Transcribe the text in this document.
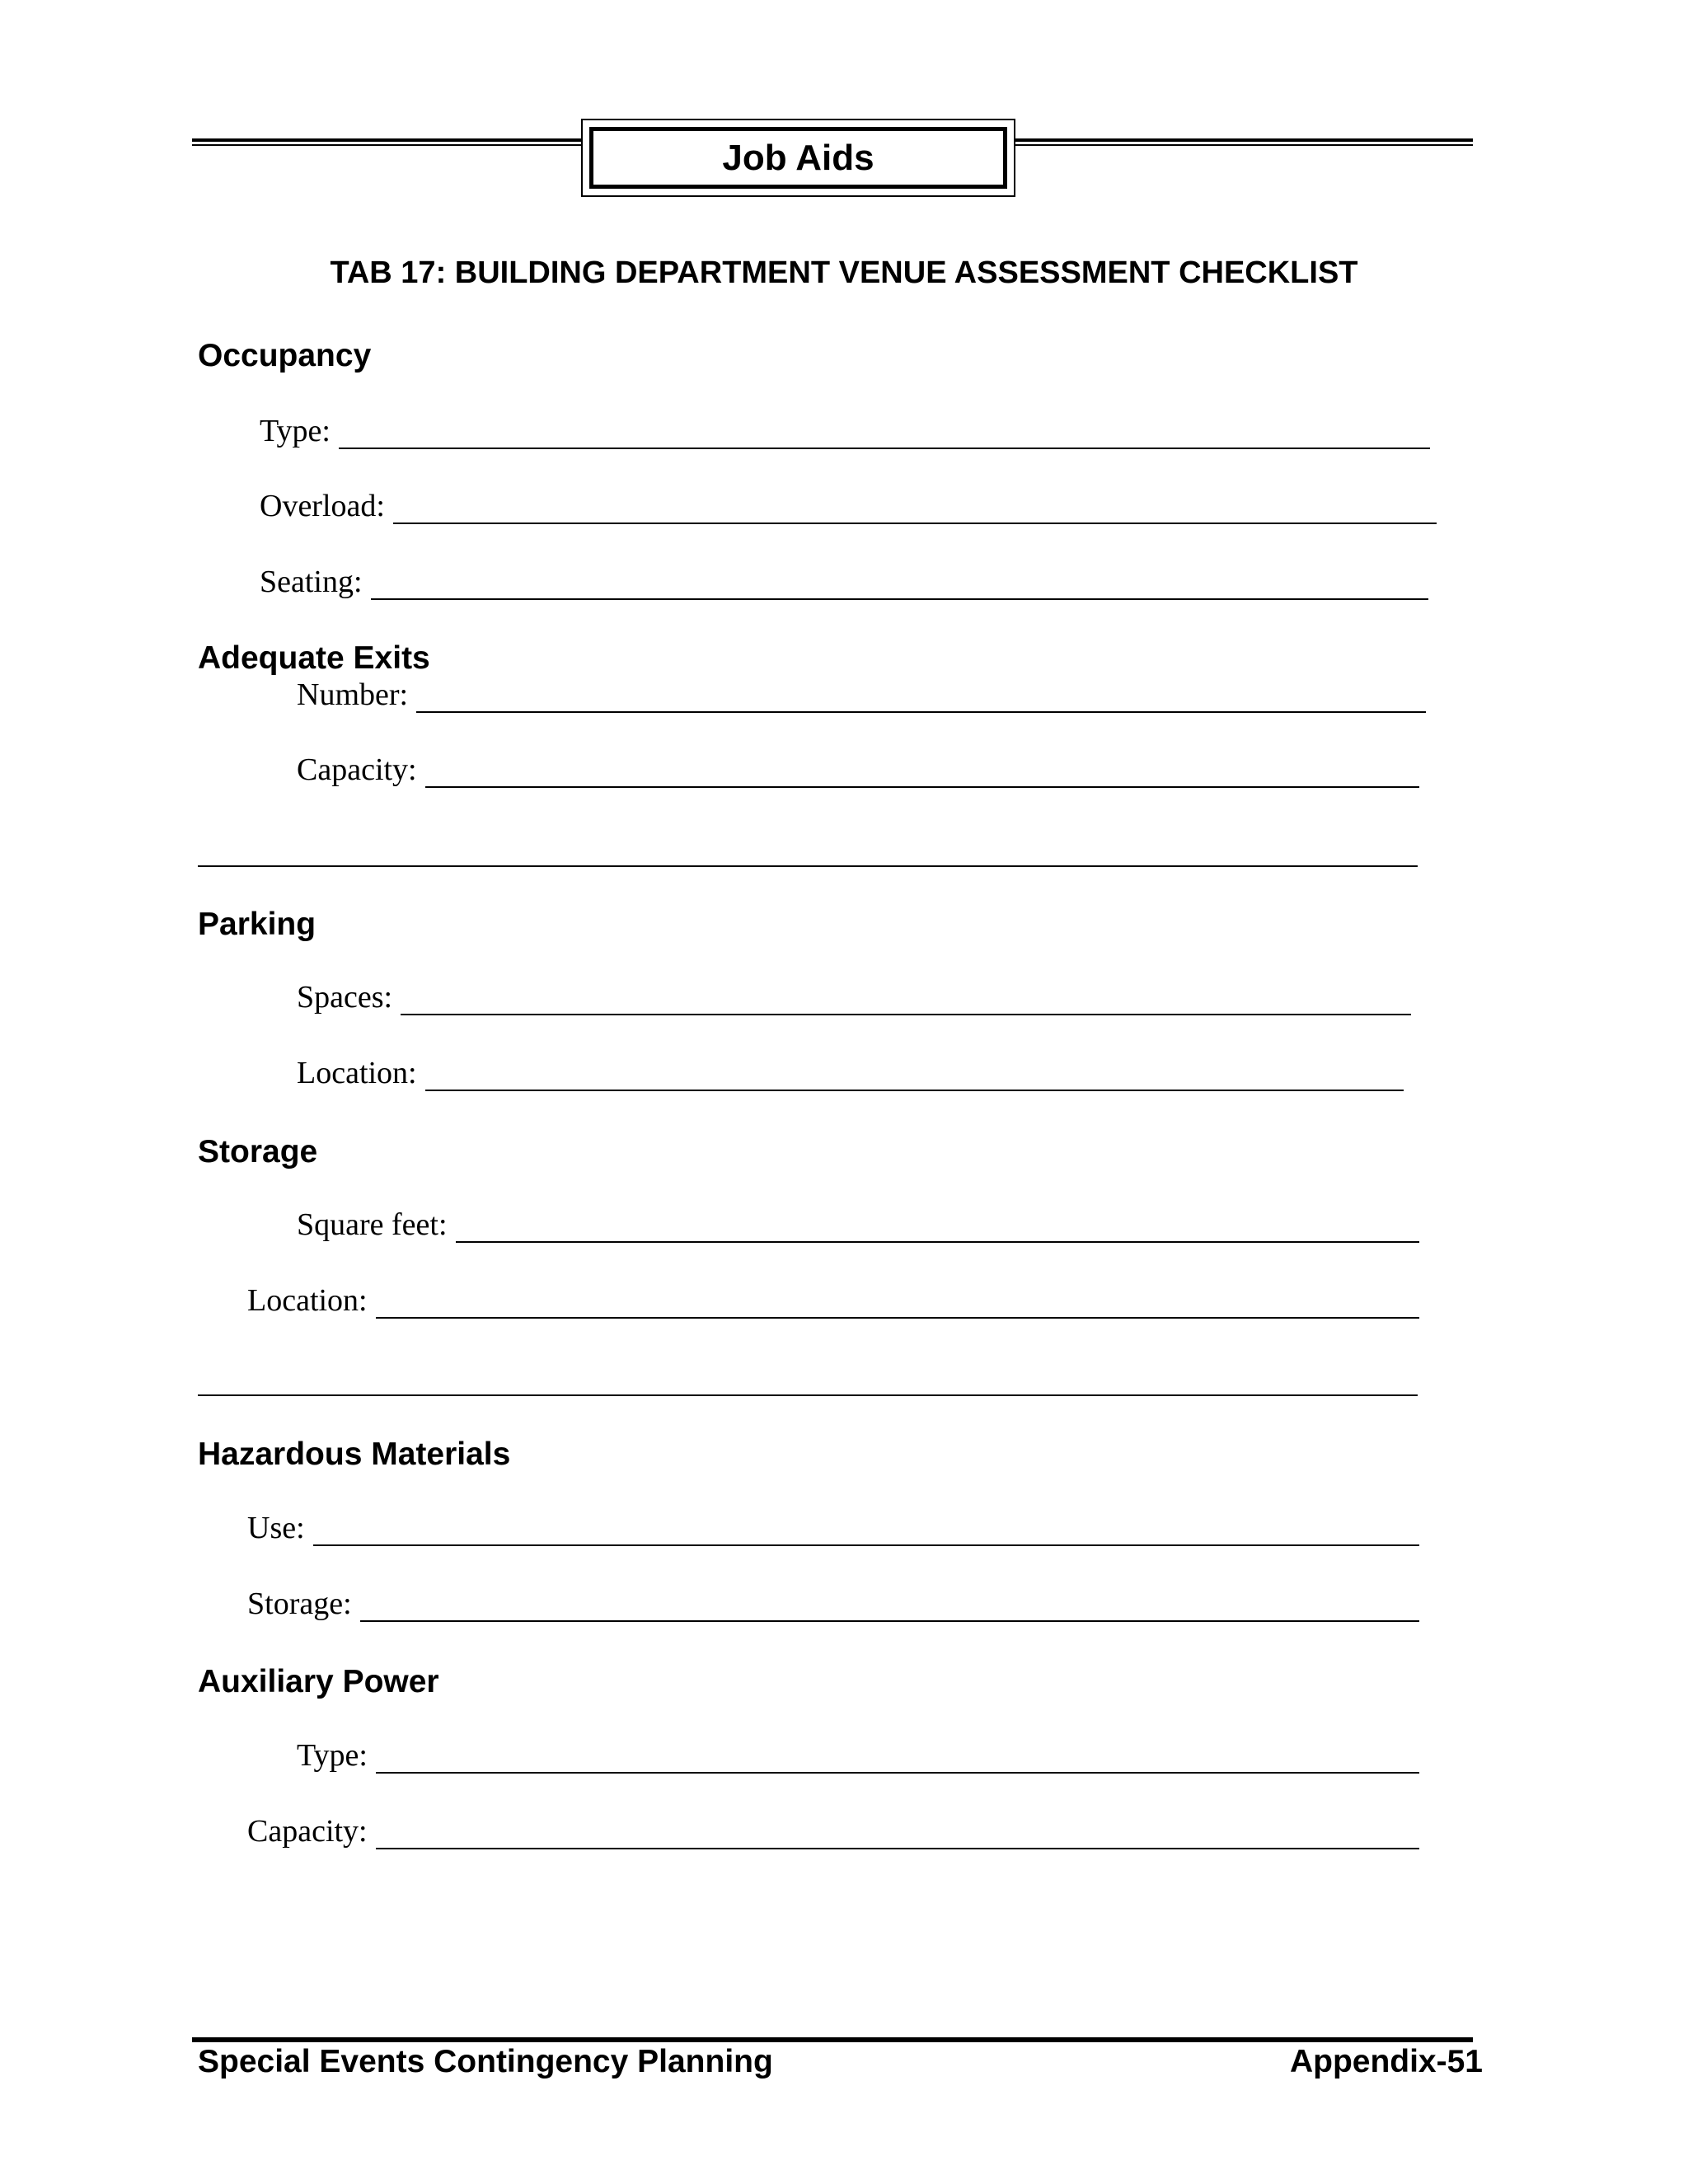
Job Aids
TAB 17: BUILDING DEPARTMENT VENUE ASSESSMENT CHECKLIST
Occupancy
Type:
Overload:
Seating:
Adequate Exits
Number:
Capacity:
Parking
Spaces:
Location:
Storage
Square feet:
Location:
Hazardous Materials
Use:
Storage:
Auxiliary Power
Type:
Capacity:
Special Events Contingency Planning	Appendix-51
